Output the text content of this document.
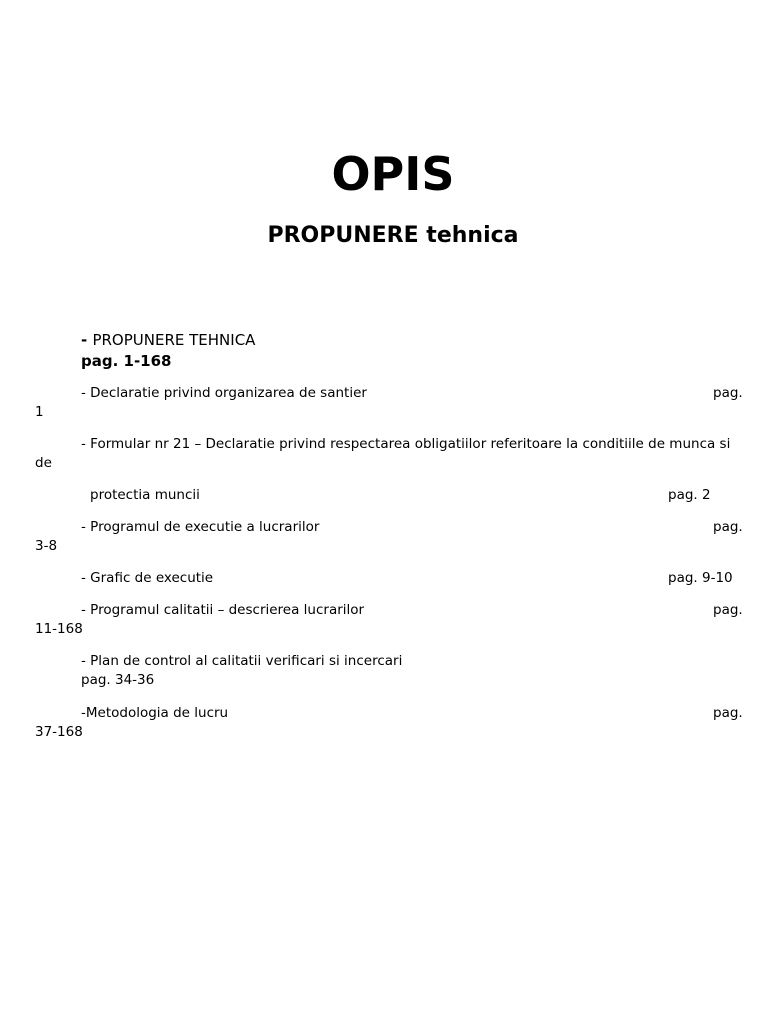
OPIS
PROPUNERE tehnica
- PROPUNERE TEHNICA
pag. 1-168
- Declaratie privind organizarea de santier	pag.
1
- Formular nr 21 – Declaratie privind respectarea obligatiilor referitoare la conditiile de munca si
de
protectia muncii	pag. 2
- Programul de executie a lucrarilor	pag.
3-8
- Grafic de executie	pag. 9-10
- Programul calitatii – descrierea lucrarilor	pag.
11-168
- Plan de control al calitatii verificari si incercari
pag. 34-36
-Metodologia de lucru	pag.
37-168
